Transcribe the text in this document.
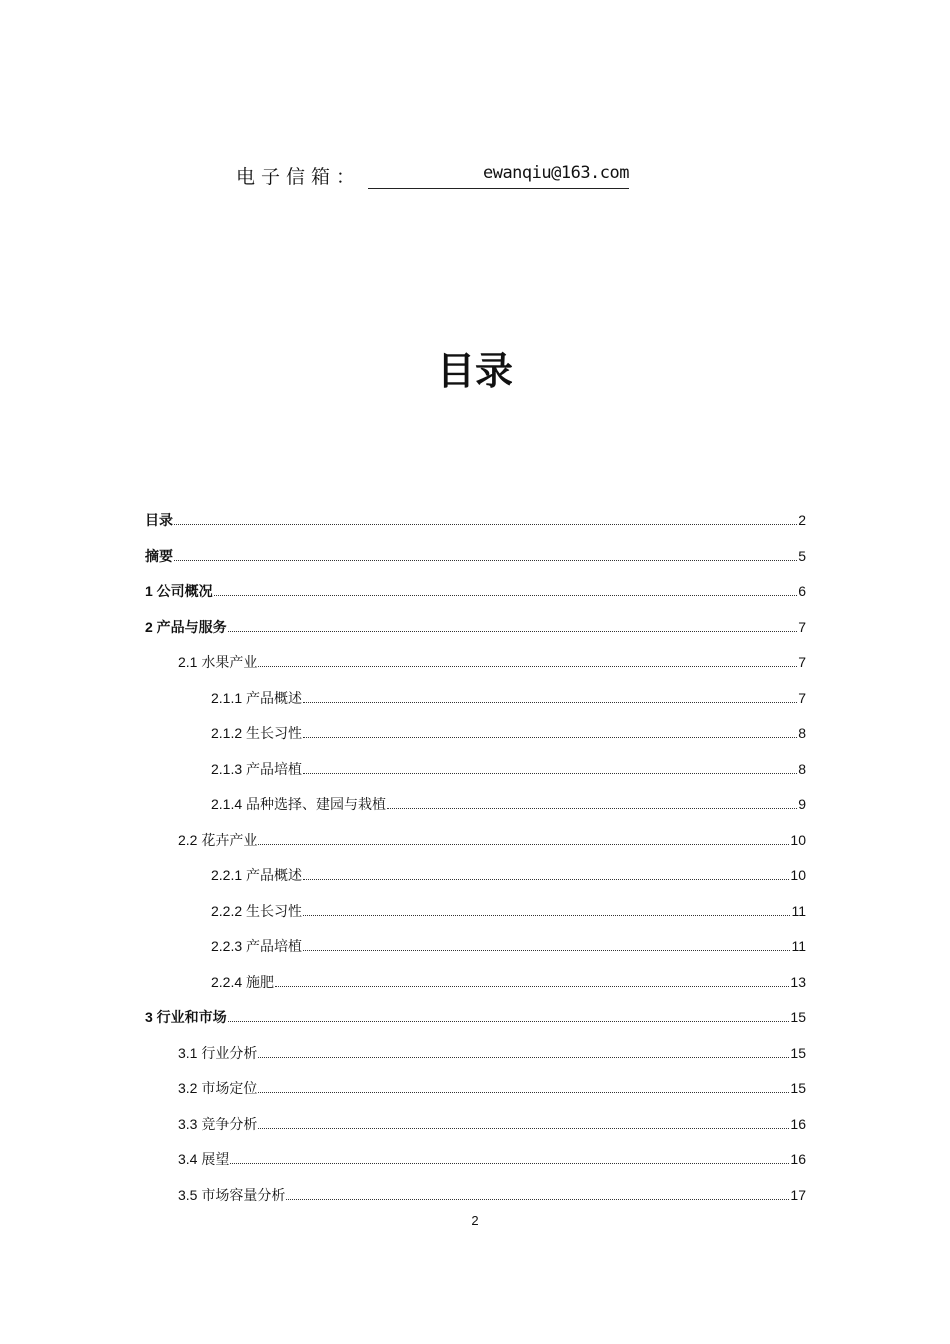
电子信箱：	ewanqiu@163.com
目录
目录	2
摘要	5
1 公司概况	6
2 产品与服务	7
2.1 水果产业	7
2.1.1 产品概述	7
2.1.2 生长习性	8
2.1.3 产品培植	8
2.1.4 品种选择、建园与栽植	9
2.2 花卉产业	10
2.2.1 产品概述	10
2.2.2 生长习性	11
2.2.3 产品培植	11
2.2.4 施肥	13
3 行业和市场	15
3.1 行业分析	15
3.2 市场定位	15
3.3 竞争分析	16
3.4 展望	16
3.5 市场容量分析	17
2
